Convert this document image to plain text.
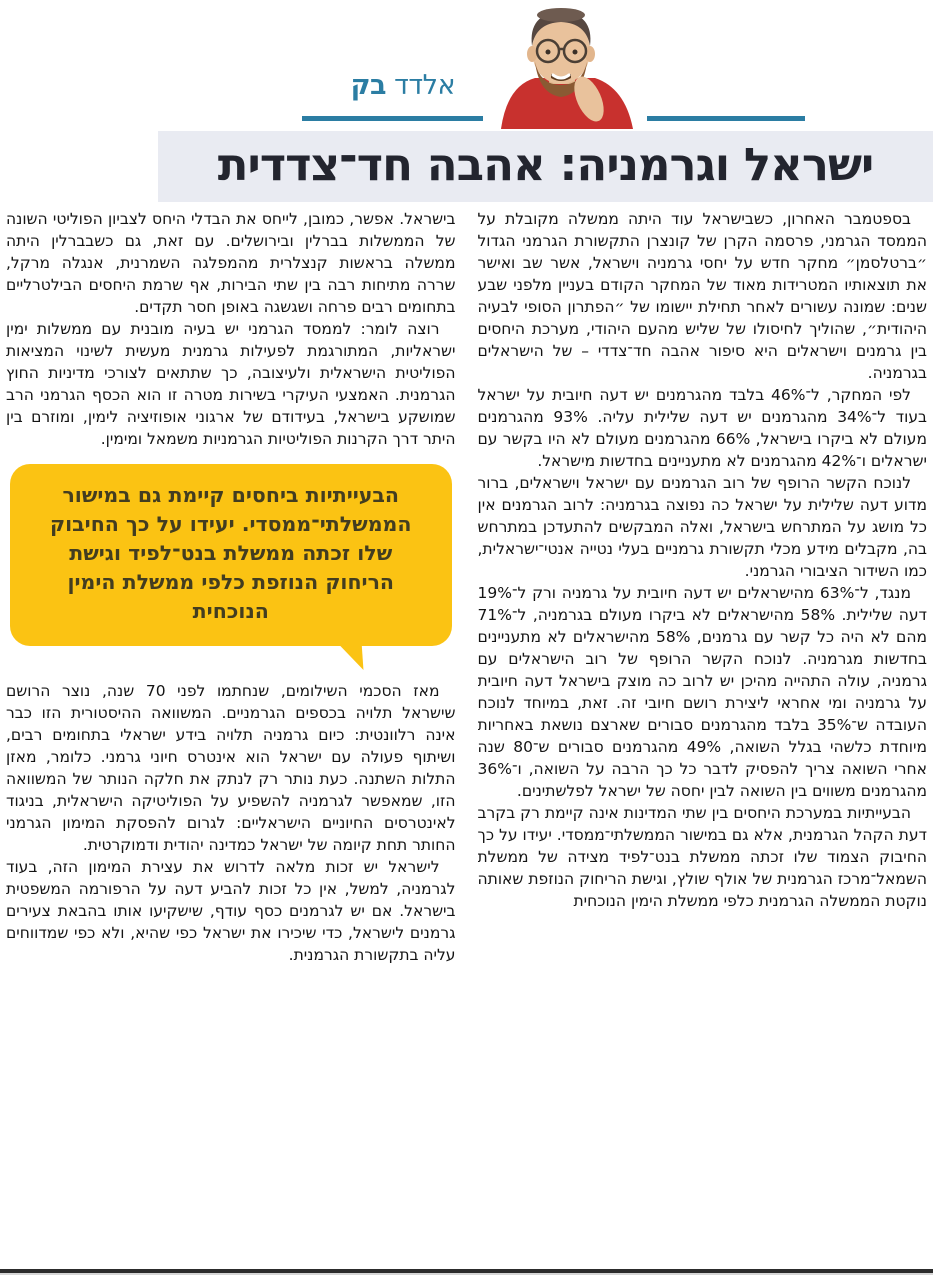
אלדד בק
ישראל וגרמניה: אהבה חד־צדדית

בספטמבר האחרון, כשבישראל עוד היתה ממשלה מקובלת על הממסד הגרמני, פרסמה הקרן של קונצרן התקשורת הגרמני הגדול ״ברטלסמן״ מחקר חדש על יחסי גרמניה וישראל, אשר שב ואישר את תוצאותיו המטרידות מאוד של המחקר הקודם בעניין מלפני שבע שנים: שמונה עשורים לאחר תחילת יישומו של ״הפתרון הסופי לבעיה היהודית״, שהוליך לחיסולו של שליש מהעם היהודי, מערכת היחסים בין גרמנים וישראלים היא סיפור אהבה חד־צדדי – של הישראלים בגרמניה.

לפי המחקר, ל־46% בלבד מהגרמנים יש דעה חיובית על ישראל בעוד ל־34% מהגרמנים יש דעה שלילית עליה. 93% מהגרמנים מעולם לא ביקרו בישראל, 66% מהגרמנים מעולם לא היו בקשר עם ישראלים ו־42% מהגרמנים לא מתעניינים בחדשות מישראל.

לנוכח הקשר הרופף של רוב הגרמנים עם ישראל וישראלים, ברור מדוע דעה שלילית על ישראל כה נפוצה בגרמניה: לרוב הגרמנים אין כל מושג על המתרחש בישראל, ואלה המבקשים להתעדכן במתרחש בה, מקבלים מידע מכלי תקשורת גרמניים בעלי נטייה אנטי־ישראלית, כמו השידור הציבורי הגרמני.

מנגד, ל־63% מהישראלים יש דעה חיובית על גרמניה ורק ל־19% דעה שלילית. 58% מהישראלים לא ביקרו מעולם בגרמניה, ל־71% מהם לא היה כל קשר עם גרמנים, 58% מהישראלים לא מתעניינים בחדשות מגרמניה. לנוכח הקשר הרופף של רוב הישראלים עם גרמניה, עולה התהייה מהיכן יש לרוב כה מוצק בישראל דעה חיובית על גרמניה ומי אחראי ליצירת רושם חיובי זה. זאת, במיוחד לנוכח העובדה ש־35% בלבד מהגרמנים סבורים שארצם נושאת באחריות מיוחדת כלשהי בגלל השואה, 49% מהגרמנים סבורים ש־80 שנה אחרי השואה צריך להפסיק לדבר כל כך הרבה על השואה, ו־36% מהגרמנים משווים בין השואה לבין יחסה של ישראל לפלשתינים.

הבעייתיות במערכת היחסים בין שתי המדינות אינה קיימת רק בקרב דעת הקהל הגרמנית, אלא גם במישור הממשלתי־ממסדי. יעידו על כך החיבוק הצמוד שלו זכתה ממשלת בנט־לפיד מצידה של ממשלת השמאל־מרכז הגרמנית של אולף שולץ, וגישת הריחוק הנוזפת שאותה נוקטת הממשלה הגרמנית כלפי ממשלת הימין הנוכחית

בישראל. אפשר, כמובן, לייחס את הבדלי היחס לצביון הפוליטי השונה של הממשלות בברלין ובירושלים. עם זאת, גם כשבברלין היתה ממשלה בראשות קנצלרית מהמפלגה השמרנית, אנגלה מרקל, שררה מתיחות רבה בין שתי הבירות, אף שרמת היחסים הבילטרליים בתחומים רבים פרחה ושגשגה באופן חסר תקדים.

רוצה לומר: לממסד הגרמני יש בעיה מובנית עם ממשלות ימין ישראליות, המתורגמת לפעילות גרמנית מעשית לשינוי המציאות הפוליטית הישראלית ולעיצובה, כך שתתאים לצורכי מדיניות החוץ הגרמנית. האמצעי העיקרי בשירות מטרה זו הוא הכסף הגרמני הרב שמושקע בישראל, בעידודם של ארגוני אופוזיציה לימין, ומוזרם בין היתר דרך הקרנות הפוליטיות הגרמניות משמאל ומימין.

הבעייתיות ביחסים קיימת גם במישור הממשלתי־ממסדי. יעידו על כך החיבוק שלו זכתה ממשלת בנט־לפיד וגישת הריחוק הנוזפת כלפי ממשלת הימין הנוכחית

מאז הסכמי השילומים, שנחתמו לפני 70 שנה, נוצר הרושם שישראל תלויה בכספים הגרמניים. המשוואה ההיסטורית הזו כבר אינה רלוונטית: כיום גרמניה תלויה בידע ישראלי בתחומים רבים, ושיתוף פעולה עם ישראל הוא אינטרס חיוני גרמני. כלומר, מאזן התלות השתנה. כעת נותר רק לנתק את חלקה הנותר של המשוואה הזו, שמאפשר לגרמניה להשפיע על הפוליטיקה הישראלית, בניגוד לאינטרסים החיוניים הישראליים: לגרום להפסקת המימון הגרמני החותר תחת קיומה של ישראל כמדינה יהודית ודמוקרטית.

לישראל יש זכות מלאה לדרוש את עצירת המימון הזה, בעוד לגרמניה, למשל, אין כל זכות להביע דעה על הרפורמה המשפטית בישראל. אם יש לגרמנים כסף עודף, שישקיעו אותו בהבאת צעירים גרמנים לישראל, כדי שיכירו את ישראל כפי שהיא, ולא כפי שמדווחים עליה בתקשורת הגרמנית.
